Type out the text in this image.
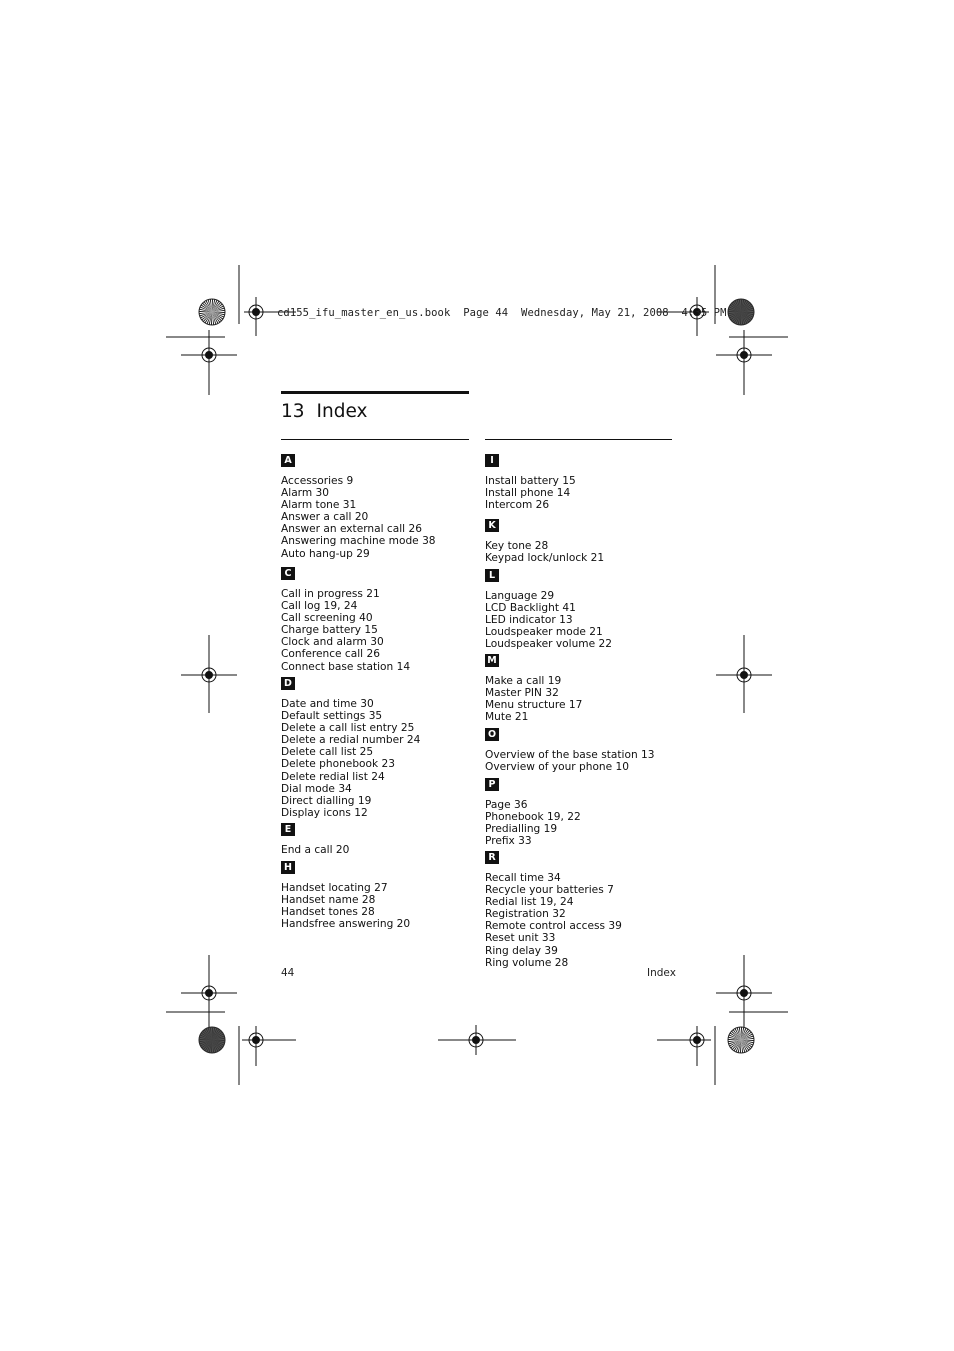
cd155_ifu_master_en_us.book  Page 44  Wednesday, May 21, 2008  4:35 PM
13 Index
A
Accessories 9
Alarm 30
Alarm tone 31
Answer a call 20
Answer an external call 26
Answering machine mode 38
Auto hang-up 29
C
Call in progress 21
Call log 19, 24
Call screening 40
Charge battery 15
Clock and alarm 30
Conference call 26
Connect base station 14
D
Date and time 30
Default settings 35
Delete a call list entry 25
Delete a redial number 24
Delete call list 25
Delete phonebook 23
Delete redial list 24
Dial mode 34
Direct dialling 19
Display icons 12
E
End a call 20
H
Handset locating 27
Handset name 28
Handset tones 28
Handsfree answering 20
I
Install battery 15
Install phone 14
Intercom 26
K
Key tone 28
Keypad lock/unlock 21
L
Language 29
LCD Backlight 41
LED indicator 13
Loudspeaker mode 21
Loudspeaker volume 22
M
Make a call 19
Master PIN 32
Menu structure 17
Mute 21
O
Overview of the base station 13
Overview of your phone 10
P
Page 36
Phonebook 19, 22
Predialling 19
Prefix 33
R
Recall time 34
Recycle your batteries 7
Redial list 19, 24
Registration 32
Remote control access 39
Reset unit 33
Ring delay 39
Ring volume 28
44	Index
